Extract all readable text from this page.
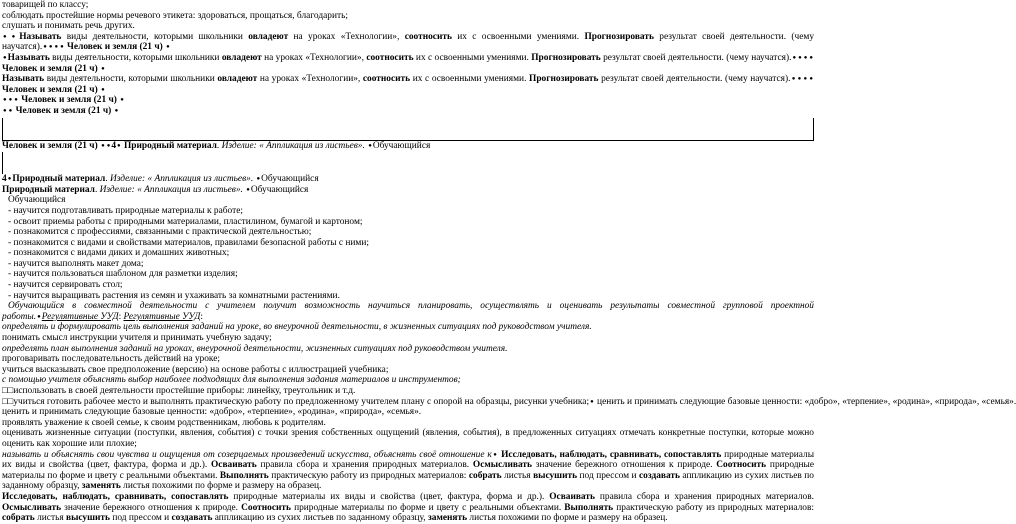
товарищей по классу;
соблюдать простейшие нормы речевого этикета: здороваться, прощаться, благодарить;
слушать и понимать речь других.
● ● Называть виды деятельности, которыми школьники овладеют на уроках «Технологии», соотносить их с освоенными умениями. Прогнозировать результат своей деятельности. (чему научатся). ● ● ● ●	Человек и земля (21 ч) ●
● Называть виды деятельности, которыми школьники овладеют на уроках «Технологии», соотносить их с освоенными умениями. Прогнозировать результат своей деятельности. (чему научатся).● ● ● ● Человек и земля (21 ч) ●
Называть виды деятельности, которыми школьники овладеют на уроках «Технологии», соотносить их с освоенными умениями. Прогнозировать результат своей деятельности. (чему научатся).● ● ● ● Человек и земля (21 ч) ●
● ● ● Человек и земля (21 ч) ●
● ● Человек и земля (21 ч) ●
Человек и земля (21 ч) ● ● 4 ● Природный материал. Изделие: « Аппликация из листьев». ● Обучающийся
4 ● Природный материал. Изделие: « Аппликация из листьев». ● Обучающийся
Природный материал. Изделие: « Аппликация из листьев». ● Обучающийся
Обучающийся
- научится подготавливать природные материалы к работе;
- освоит приемы работы с природными материалами, пластилином, бумагой и картоном;
- познакомится с профессиями, связанными с практической деятельностью;
- познакомится с видами и свойствами материалов, правилами безопасной работы с ними;
- познакомится с видами диких и домашних животных;
- научится выполнять макет дома;
- научится пользоваться шаблоном для разметки изделия;
- научится сервировать стол;
- научится выращивать растения из семян и ухаживать за комнатными растениями.
Обучающийся в совместной деятельности с учителем получит возможность научиться планировать, осуществлять и оценивать результаты совместной групповой проектной работы. ● Регулятивные УУД: Регулятивные УУД:
определять и формулировать цель выполнения заданий на уроке, во внеурочной деятельности, в жизненных ситуациях под руководством учителя.
понимать смысл инструкции учителя и принимать учебную задачу;
определять план выполнения заданий на уроках, внеурочной деятельности, жизненных ситуациях под руководством учителя.
проговаривать последовательность действий на уроке;
учиться высказывать свое предположение (версию) на основе работы с иллюстрацией учебника;
с помощью учителя объяснять выбор наиболее подходящих для выполнения задания материалов и инструментов;
□□использовать в своей деятельности простейшие приборы: линейку, треугольник и т.д.
□□учиться готовить рабочее место и выполнять практическую работу по предложенному учителем плану с опорой на образцы, рисунки учебника;● ценить и принимать следующие базовые ценности: «добро», «терпение», «родина», «природа», «семья».
ценить и принимать следующие базовые ценности: «добро», «терпение», «родина», «природа», «семья».
проявлять уважение к своей семье, к своим родственникам, любовь к родителям.
оценивать жизненные ситуации (поступки, явления, события) с точки зрения собственных ощущений (явления, события), в предложенных ситуациях отмечать конкретные поступки, которые можно оценить как хорошие или плохие;
называть и объяснять свои чувства и ощущения от созерцаемых произведений искусства, объяснять своё отношение к ● Исследовать, наблюдать, сравнивать, сопоставлять природные материалы их виды и свойства (цвет, фактура, форма и др.). Осваивать правила сбора и хранения природных материалов. Осмысливать значение бережного отношения к природе. Соотносить природные материалы по форме и цвету с реальными объектами. Выполнять практическую работу из природных материалов: собрать листья высушить под прессом и создавать аппликацию из сухих листьев по заданному образцу, заменять листья похожими по форме и размеру на образец.
Исследовать, наблюдать, сравнивать, сопоставлять природные материалы их виды и свойства (цвет, фактура, форма и др.). Осваивать правила сбора и хранения природных материалов. Осмысливать значение бережного отношения к природе. Соотносить природные материалы по форме и цвету с реальными объектами. Выполнять практическую работу из природных материалов: собрать листья высушить под прессом и создавать аппликацию из сухих листьев по заданному образцу, заменять листья похожими по форме и размеру на образец.
